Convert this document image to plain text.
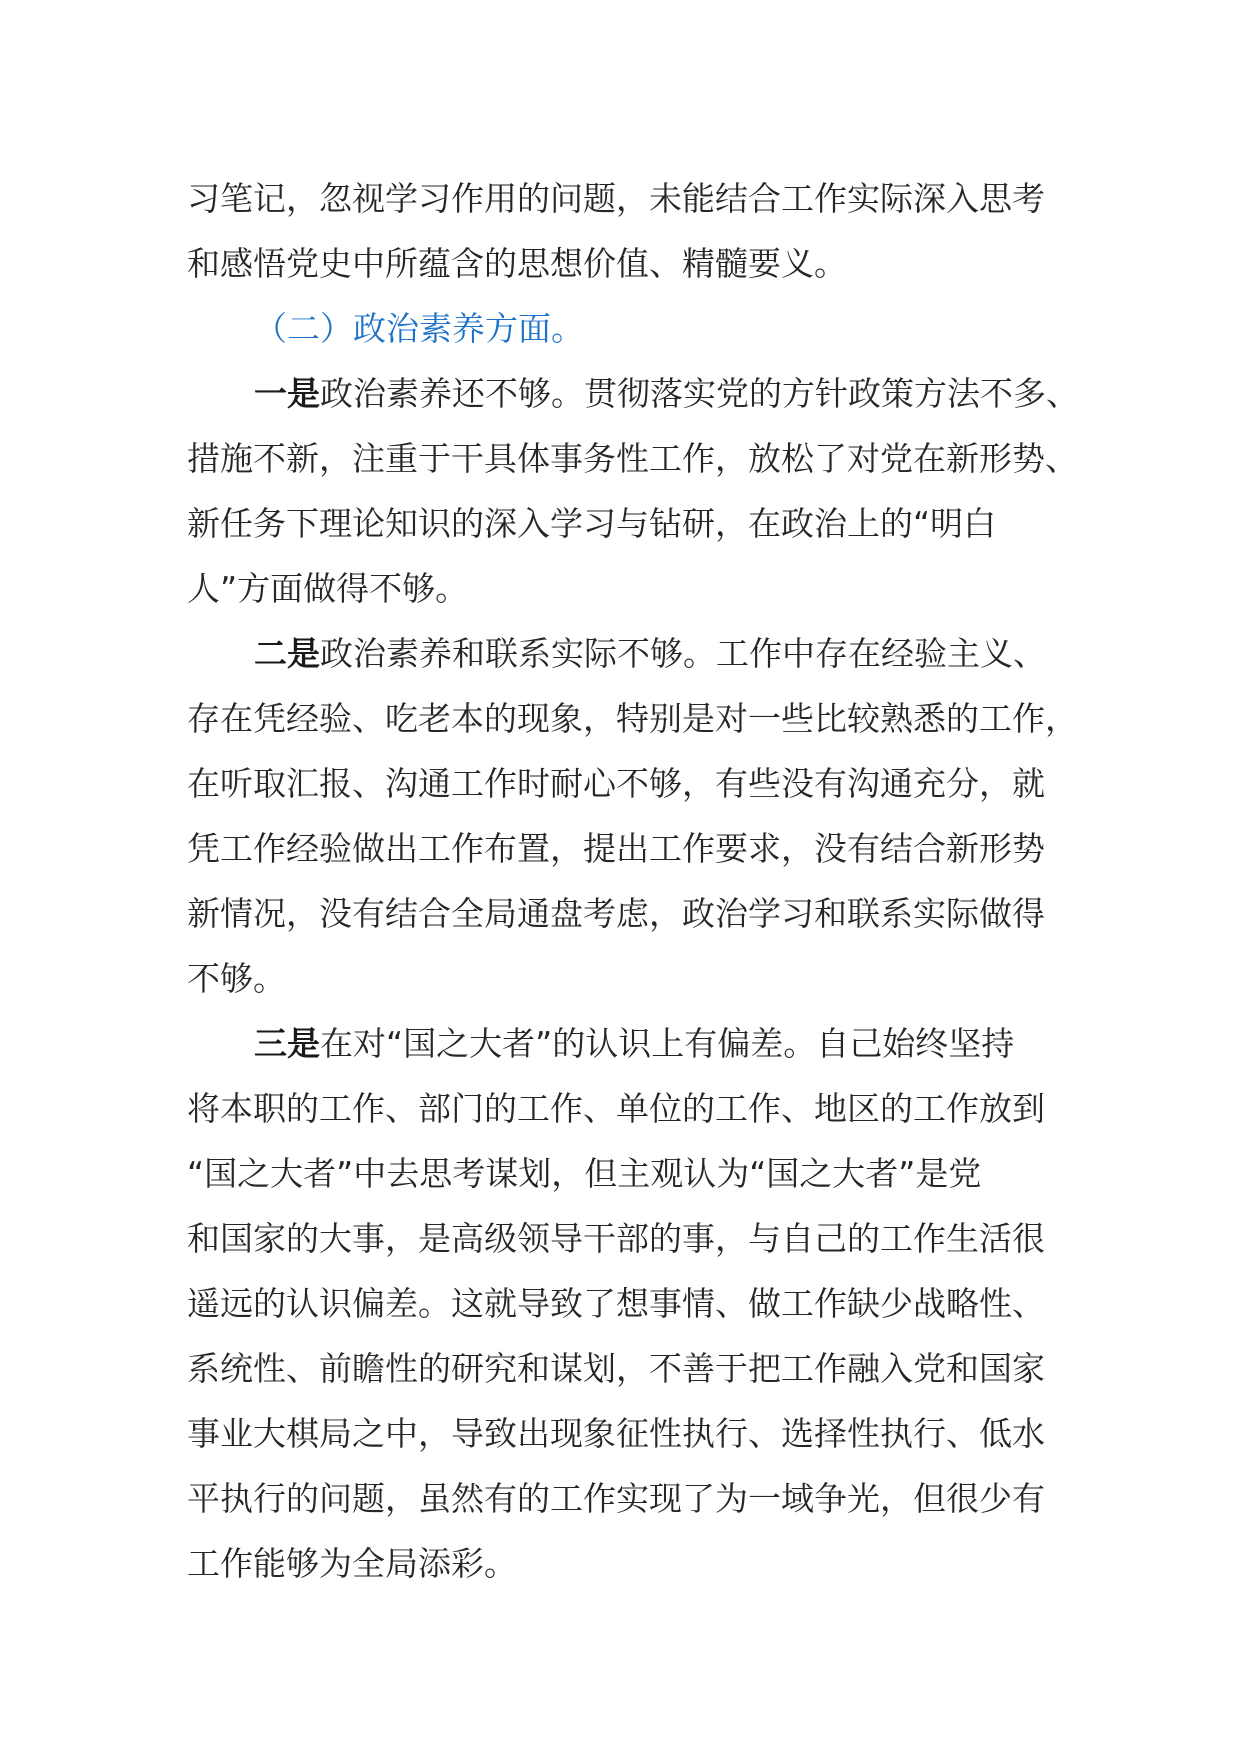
习笔记，忽视学习作用的问题，未能结合工作实际深入思考
和感悟党史中所蕴含的思想价值、精髓要义。
（二）政治素养方面。
一是政治素养还不够。贯彻落实党的方针政策方法不多、
措施不新，注重于干具体事务性工作，放松了对党在新形势、
新任务下理论知识的深入学习与钻研，在政治上的“明白
人”方面做得不够。
二是政治素养和联系实际不够。工作中存在经验主义、
存在凭经验、吃老本的现象，特别是对一些比较熟悉的工作，
在听取汇报、沟通工作时耐心不够，有些没有沟通充分，就
凭工作经验做出工作布置，提出工作要求，没有结合新形势
新情况，没有结合全局通盘考虑，政治学习和联系实际做得
不够。
三是在对“国之大者”的认识上有偏差。自己始终坚持
将本职的工作、部门的工作、单位的工作、地区的工作放到
“国之大者”中去思考谋划，但主观认为“国之大者”是党
和国家的大事，是高级领导干部的事，与自己的工作生活很
遥远的认识偏差。这就导致了想事情、做工作缺少战略性、
系统性、前瞻性的研究和谋划，不善于把工作融入党和国家
事业大棋局之中，导致出现象征性执行、选择性执行、低水
平执行的问题，虽然有的工作实现了为一域争光，但很少有
工作能够为全局添彩。
